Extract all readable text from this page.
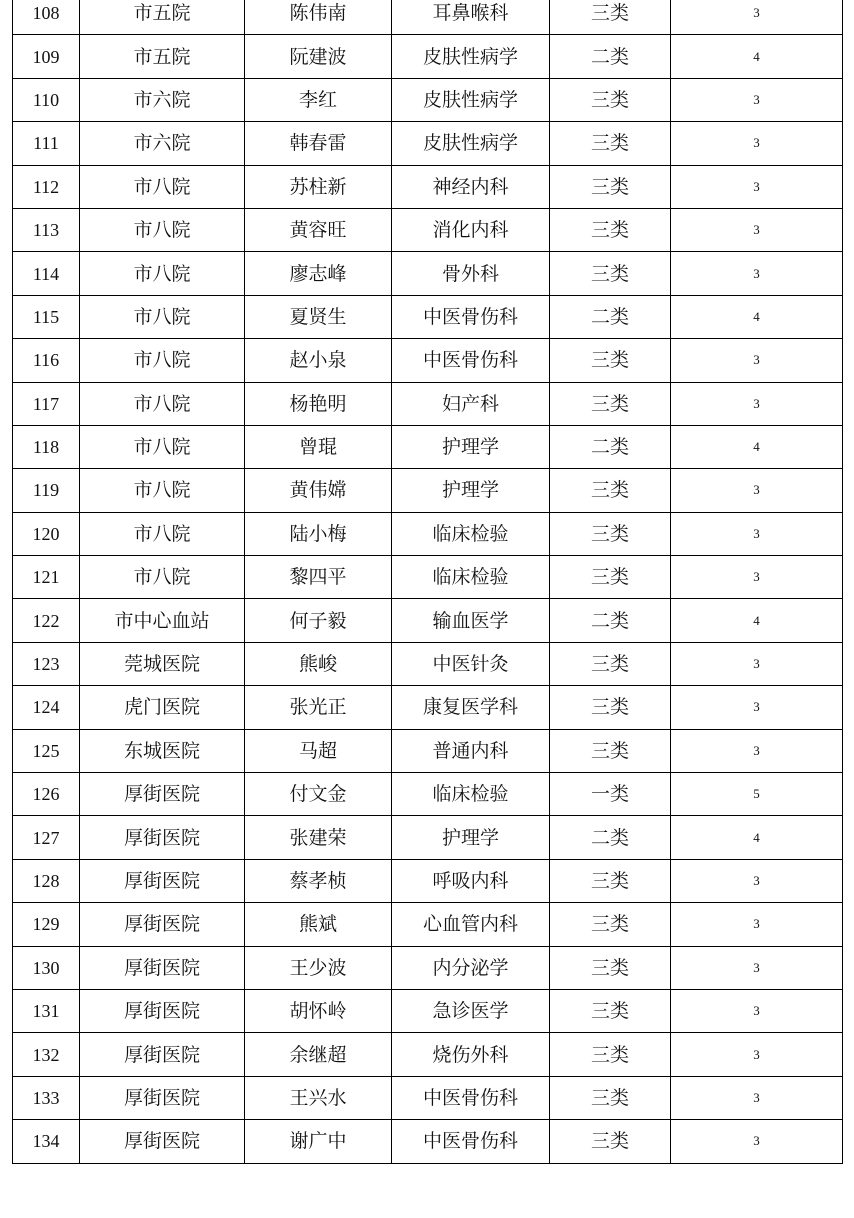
108	市五院	陈伟南	耳鼻喉科	三类	3
109	市五院	阮建波	皮肤性病学	二类	4
110	市六院	李红	皮肤性病学	三类	3
111	市六院	韩春雷	皮肤性病学	三类	3
112	市八院	苏柱新	神经内科	三类	3
113	市八院	黄容旺	消化内科	三类	3
114	市八院	廖志峰	骨外科	三类	3
115	市八院	夏贤生	中医骨伤科	二类	4
116	市八院	赵小泉	中医骨伤科	三类	3
117	市八院	杨艳明	妇产科	三类	3
118	市八院	曾琨	护理学	二类	4
119	市八院	黄伟嫦	护理学	三类	3
120	市八院	陆小梅	临床检验	三类	3
121	市八院	黎四平	临床检验	三类	3
122	市中心血站	何子毅	输血医学	二类	4
123	莞城医院	熊峻	中医针灸	三类	3
124	虎门医院	张光正	康复医学科	三类	3
125	东城医院	马超	普通内科	三类	3
126	厚街医院	付文金	临床检验	一类	5
127	厚街医院	张建荣	护理学	二类	4
128	厚街医院	蔡孝桢	呼吸内科	三类	3
129	厚街医院	熊斌	心血管内科	三类	3
130	厚街医院	王少波	内分泌学	三类	3
131	厚街医院	胡怀岭	急诊医学	三类	3
132	厚街医院	余继超	烧伤外科	三类	3
133	厚街医院	王兴水	中医骨伤科	三类	3
134	厚街医院	谢广中	中医骨伤科	三类	3
